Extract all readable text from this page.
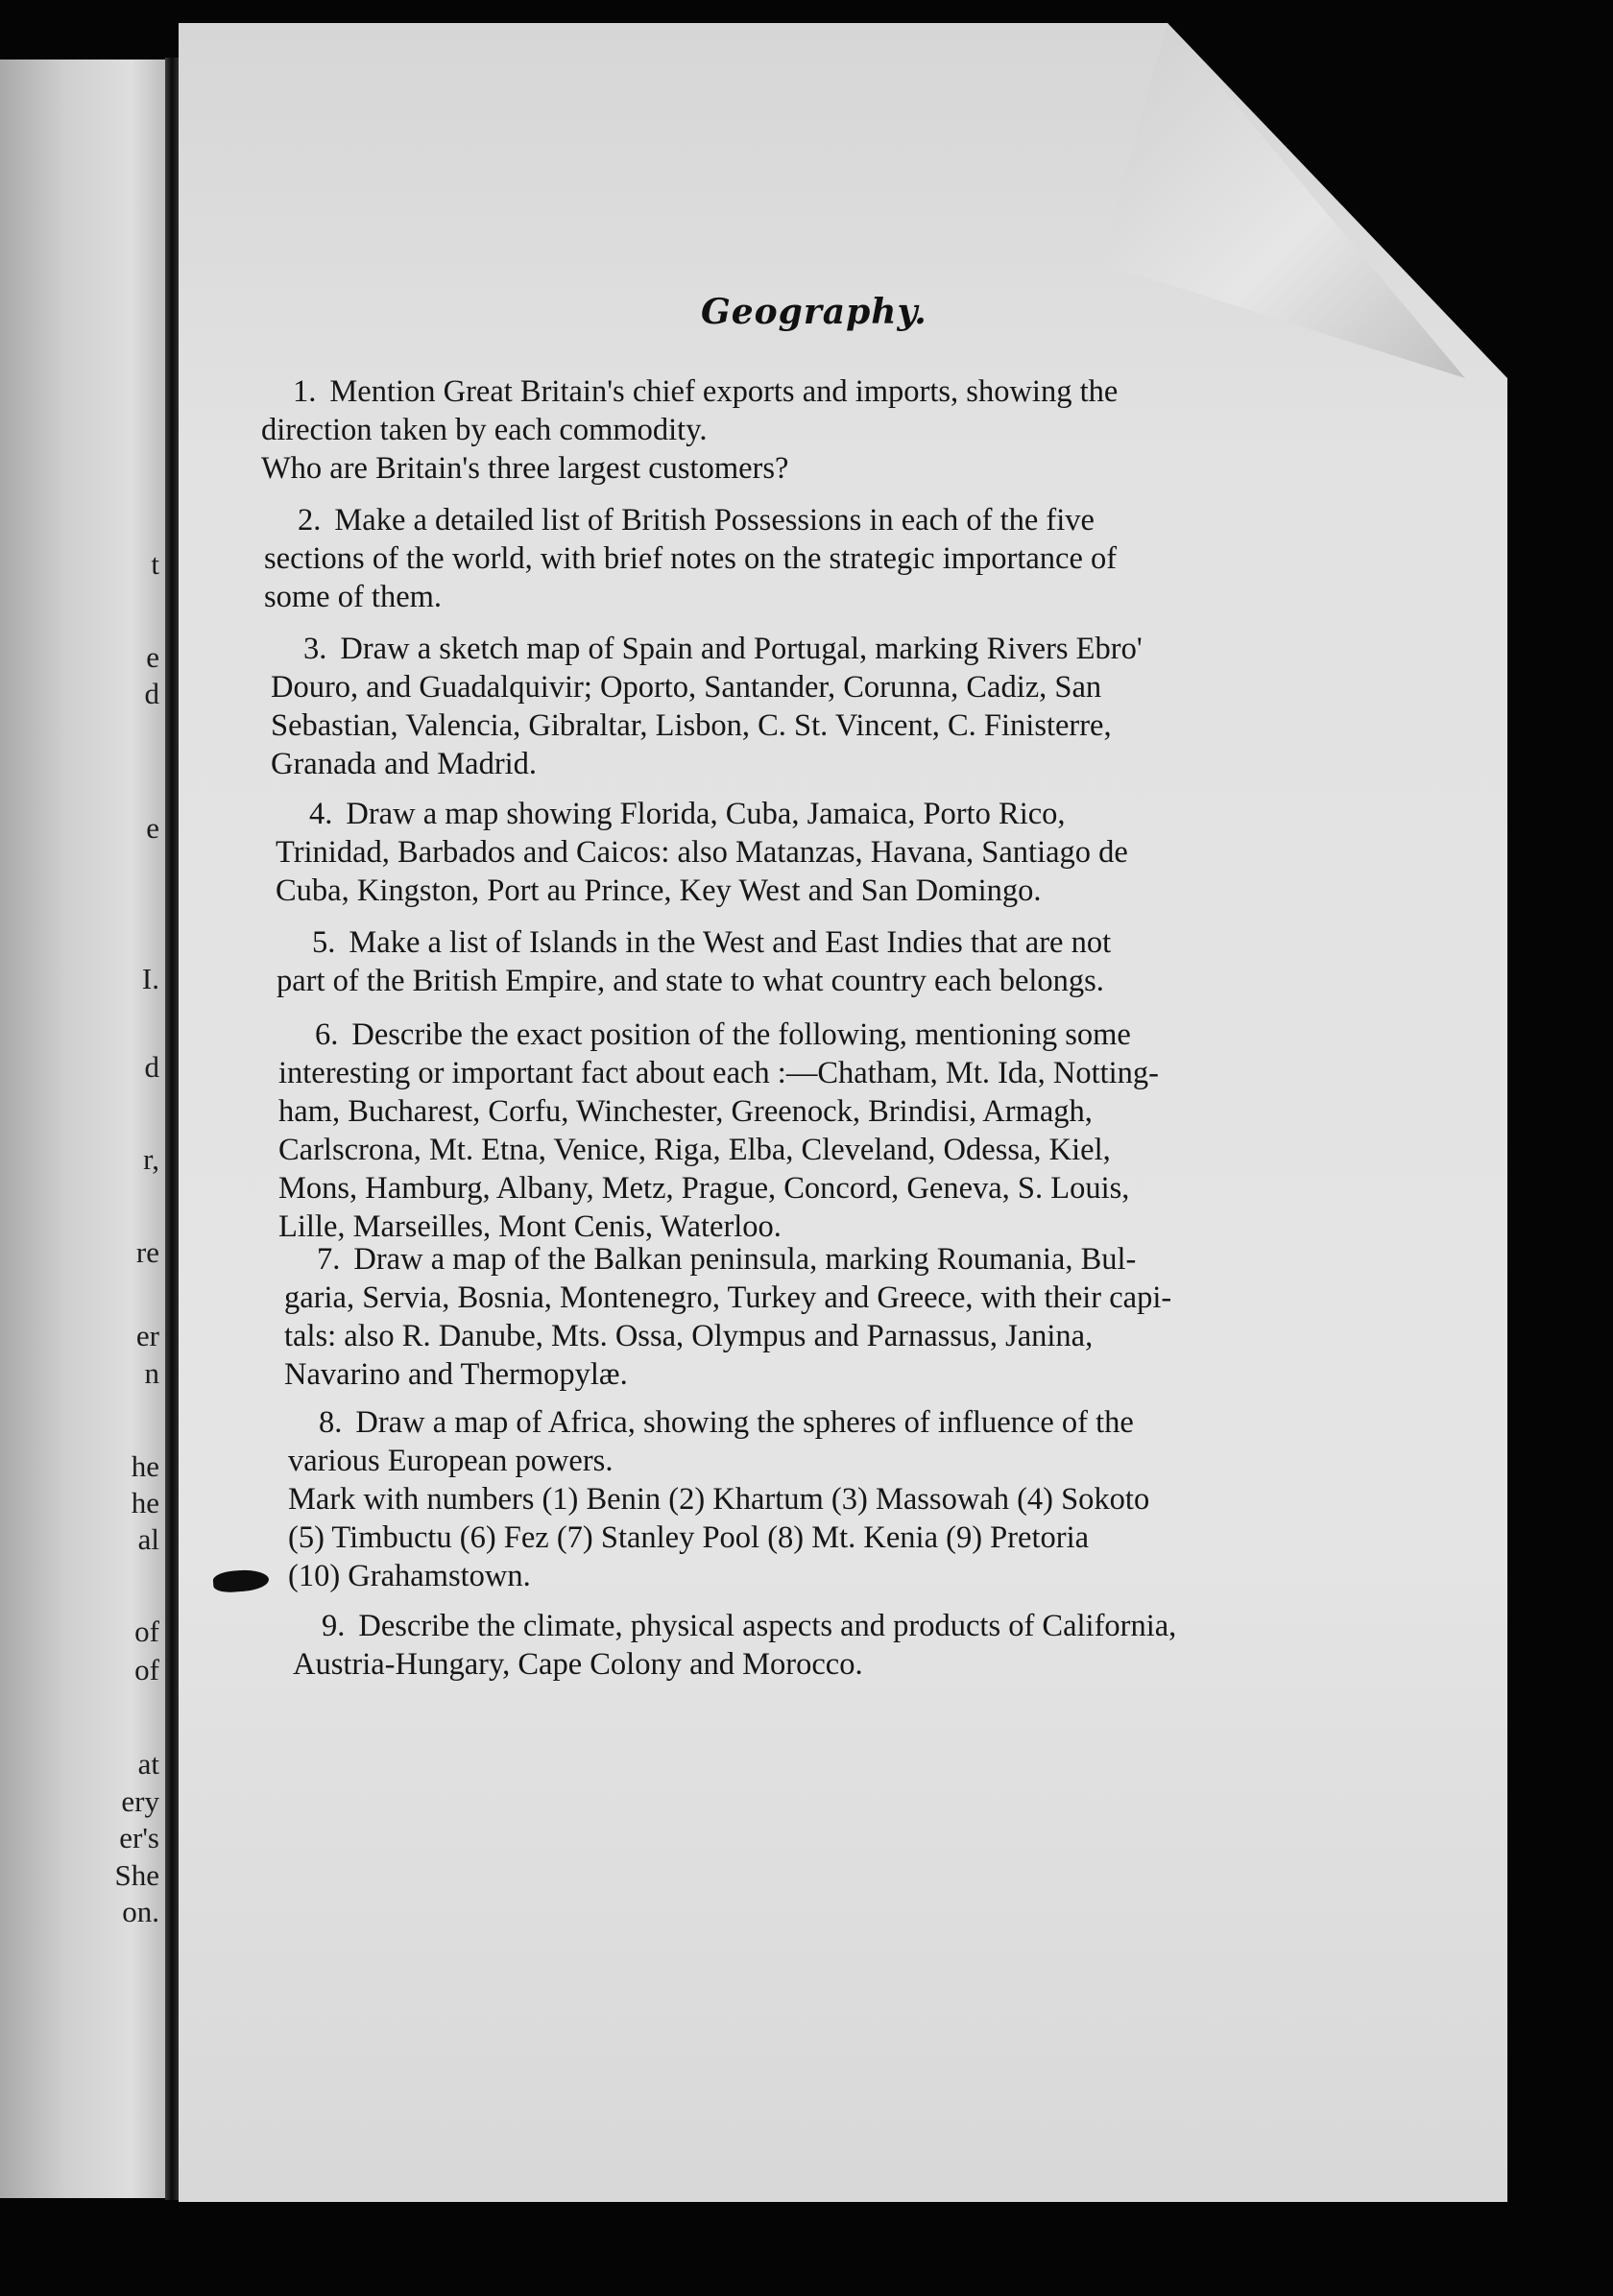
t
e
d
e
I.
d
r,
re
er
n
he
he
al
of
of
at
ery
er's
She
on.
Geography.
1. Mention Great Britain's chief exports and imports, showing the
direction taken by each commodity.
Who are Britain's three largest customers?
2. Make a detailed list of British Possessions in each of the five
sections of the world, with brief notes on the strategic importance of
some of them.
3. Draw a sketch map of Spain and Portugal, marking Rivers Ebro'
Douro, and Guadalquivir; Oporto, Santander, Corunna, Cadiz, San
Sebastian, Valencia, Gibraltar, Lisbon, C. St. Vincent, C. Finisterre,
Granada and Madrid.
4. Draw a map showing Florida, Cuba, Jamaica, Porto Rico,
Trinidad, Barbados and Caicos: also Matanzas, Havana, Santiago de
Cuba, Kingston, Port au Prince, Key West and San Domingo.
5. Make a list of Islands in the West and East Indies that are not
part of the British Empire, and state to what country each belongs.
6. Describe the exact position of the following, mentioning some
interesting or important fact about each :—Chatham, Mt. Ida, Notting-
ham, Bucharest, Corfu, Winchester, Greenock, Brindisi, Armagh,
Carlscrona, Mt. Etna, Venice, Riga, Elba, Cleveland, Odessa, Kiel,
Mons, Hamburg, Albany, Metz, Prague, Concord, Geneva, S. Louis,
Lille, Marseilles, Mont Cenis, Waterloo.
7. Draw a map of the Balkan peninsula, marking Roumania, Bul-
garia, Servia, Bosnia, Montenegro, Turkey and Greece, with their capi-
tals: also R. Danube, Mts. Ossa, Olympus and Parnassus, Janina,
Navarino and Thermopylæ.
8. Draw a map of Africa, showing the spheres of influence of the
various European powers.
Mark with numbers (1) Benin (2) Khartum (3) Massowah (4) Sokoto
(5) Timbuctu (6) Fez (7) Stanley Pool (8) Mt. Kenia (9) Pretoria
(10) Grahamstown.
9. Describe the climate, physical aspects and products of California,
Austria-Hungary, Cape Colony and Morocco.
